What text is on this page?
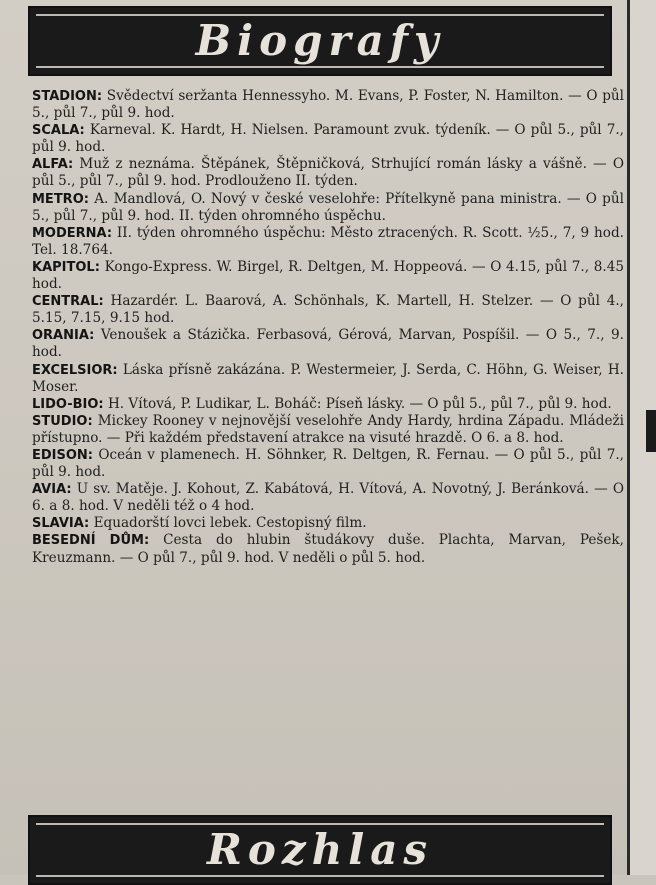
Biografy

STADION: Svědectví seržanta Hennessyho. M. Evans, P. Foster, N. Hamilton. — O půl 5., půl 7., půl 9. hod.

SCALA: Karneval. K. Hardt, H. Nielsen. Paramount zvuk. týdeník. — O půl 5., půl 7., půl 9. hod.

ALFA: Muž z neznáma. Štěpánek, Štěpničková, Strhující román lásky a vášně. — O půl 5., půl 7., půl 9. hod. Prodlouženo II. týden.

METRO: A. Mandlová, O. Nový v české veselohře: Přítelkyně pana ministra. — O půl 5., půl 7., půl 9. hod. II. týden ohromného úspěchu.

MODERNA: II. týden ohromného úspěchu: Město ztracených. R. Scott. ½5., 7, 9 hod. Tel. 18.764.

KAPITOL: Kongo-Express. W. Birgel, R. Deltgen, M. Hoppeová. — O 4.15, půl 7., 8.45 hod.

CENTRAL: Hazardér. L. Baarová, A. Schönhals, K. Martell, H. Stelzer. — O půl 4., 5.15, 7.15, 9.15 hod.

ORANIA: Venoušek a Stázička. Ferbasová, Gérová, Marvan, Pospíšil. — O 5., 7., 9. hod.

EXCELSIOR: Láska přísně zakázána. P. Westermeier, J. Serda, C. Höhn, G. Weiser, H. Moser.

LIDO-BIO: H. Vítová, P. Ludikar, L. Boháč: Píseň lásky. — O půl 5., půl 7., půl 9. hod.

STUDIO: Mickey Rooney v nejnovější veselohře Andy Hardy, hrdina Západu. Mládeži přístupno. — Při každém představení atrakce na visuté hrazdě. O 6. a 8. hod.

EDISON: Oceán v plamenech. H. Söhnker, R. Deltgen, R. Fernau. — O půl 5., půl 7., půl 9. hod.

AVIA: U sv. Matěje. J. Kohout, Z. Kabátová, H. Vítová, A. Novotný, J. Beránková. — O 6. a 8. hod. V neděli též o 4 hod.

SLAVIA: Equadorští lovci lebek. Cestopisný film.

BESEDNÍ DŮM: Cesta do hlubin študákovy duše. Plachta, Marvan, Pešek, Kreuzmann. — O půl 7., půl 9. hod. V neděli o půl 5. hod.

Rozhlas
